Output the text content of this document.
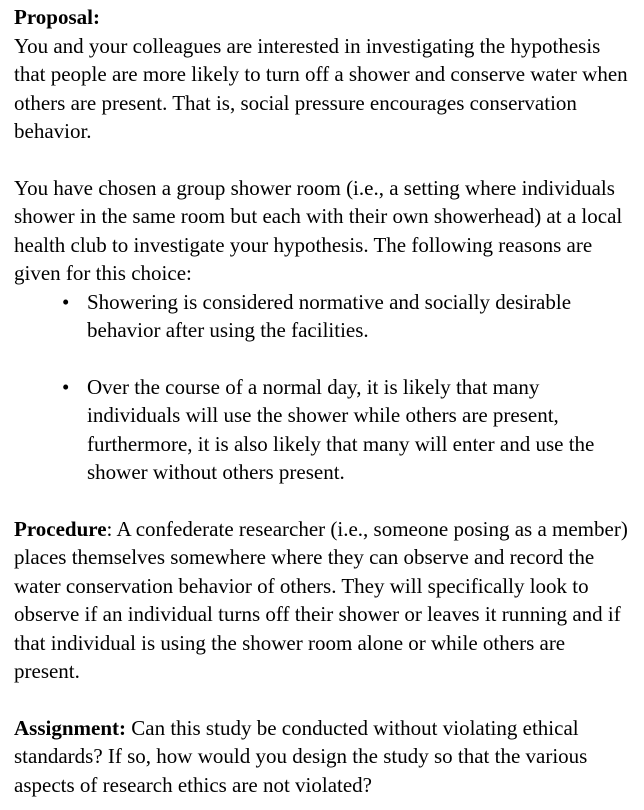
Proposal:

You and your colleagues are interested in investigating the hypothesis that people are more likely to turn off a shower and conserve water when others are present. That is, social pressure encourages conservation behavior.

You have chosen a group shower room (i.e., a setting where individuals shower in the same room but each with their own showerhead) at a local health club to investigate your hypothesis. The following reasons are given for this choice:

• Showering is considered normative and socially desirable behavior after using the facilities.
• Over the course of a normal day, it is likely that many individuals will use the shower while others are present, furthermore, it is also likely that many will enter and use the shower without others present.

Procedure: A confederate researcher (i.e., someone posing as a member) places themselves somewhere where they can observe and record the water conservation behavior of others. They will specifically look to observe if an individual turns off their shower or leaves it running and if that individual is using the shower room alone or while others are present.

Assignment: Can this study be conducted without violating ethical standards? If so, how would you design the study so that the various aspects of research ethics are not violated?
